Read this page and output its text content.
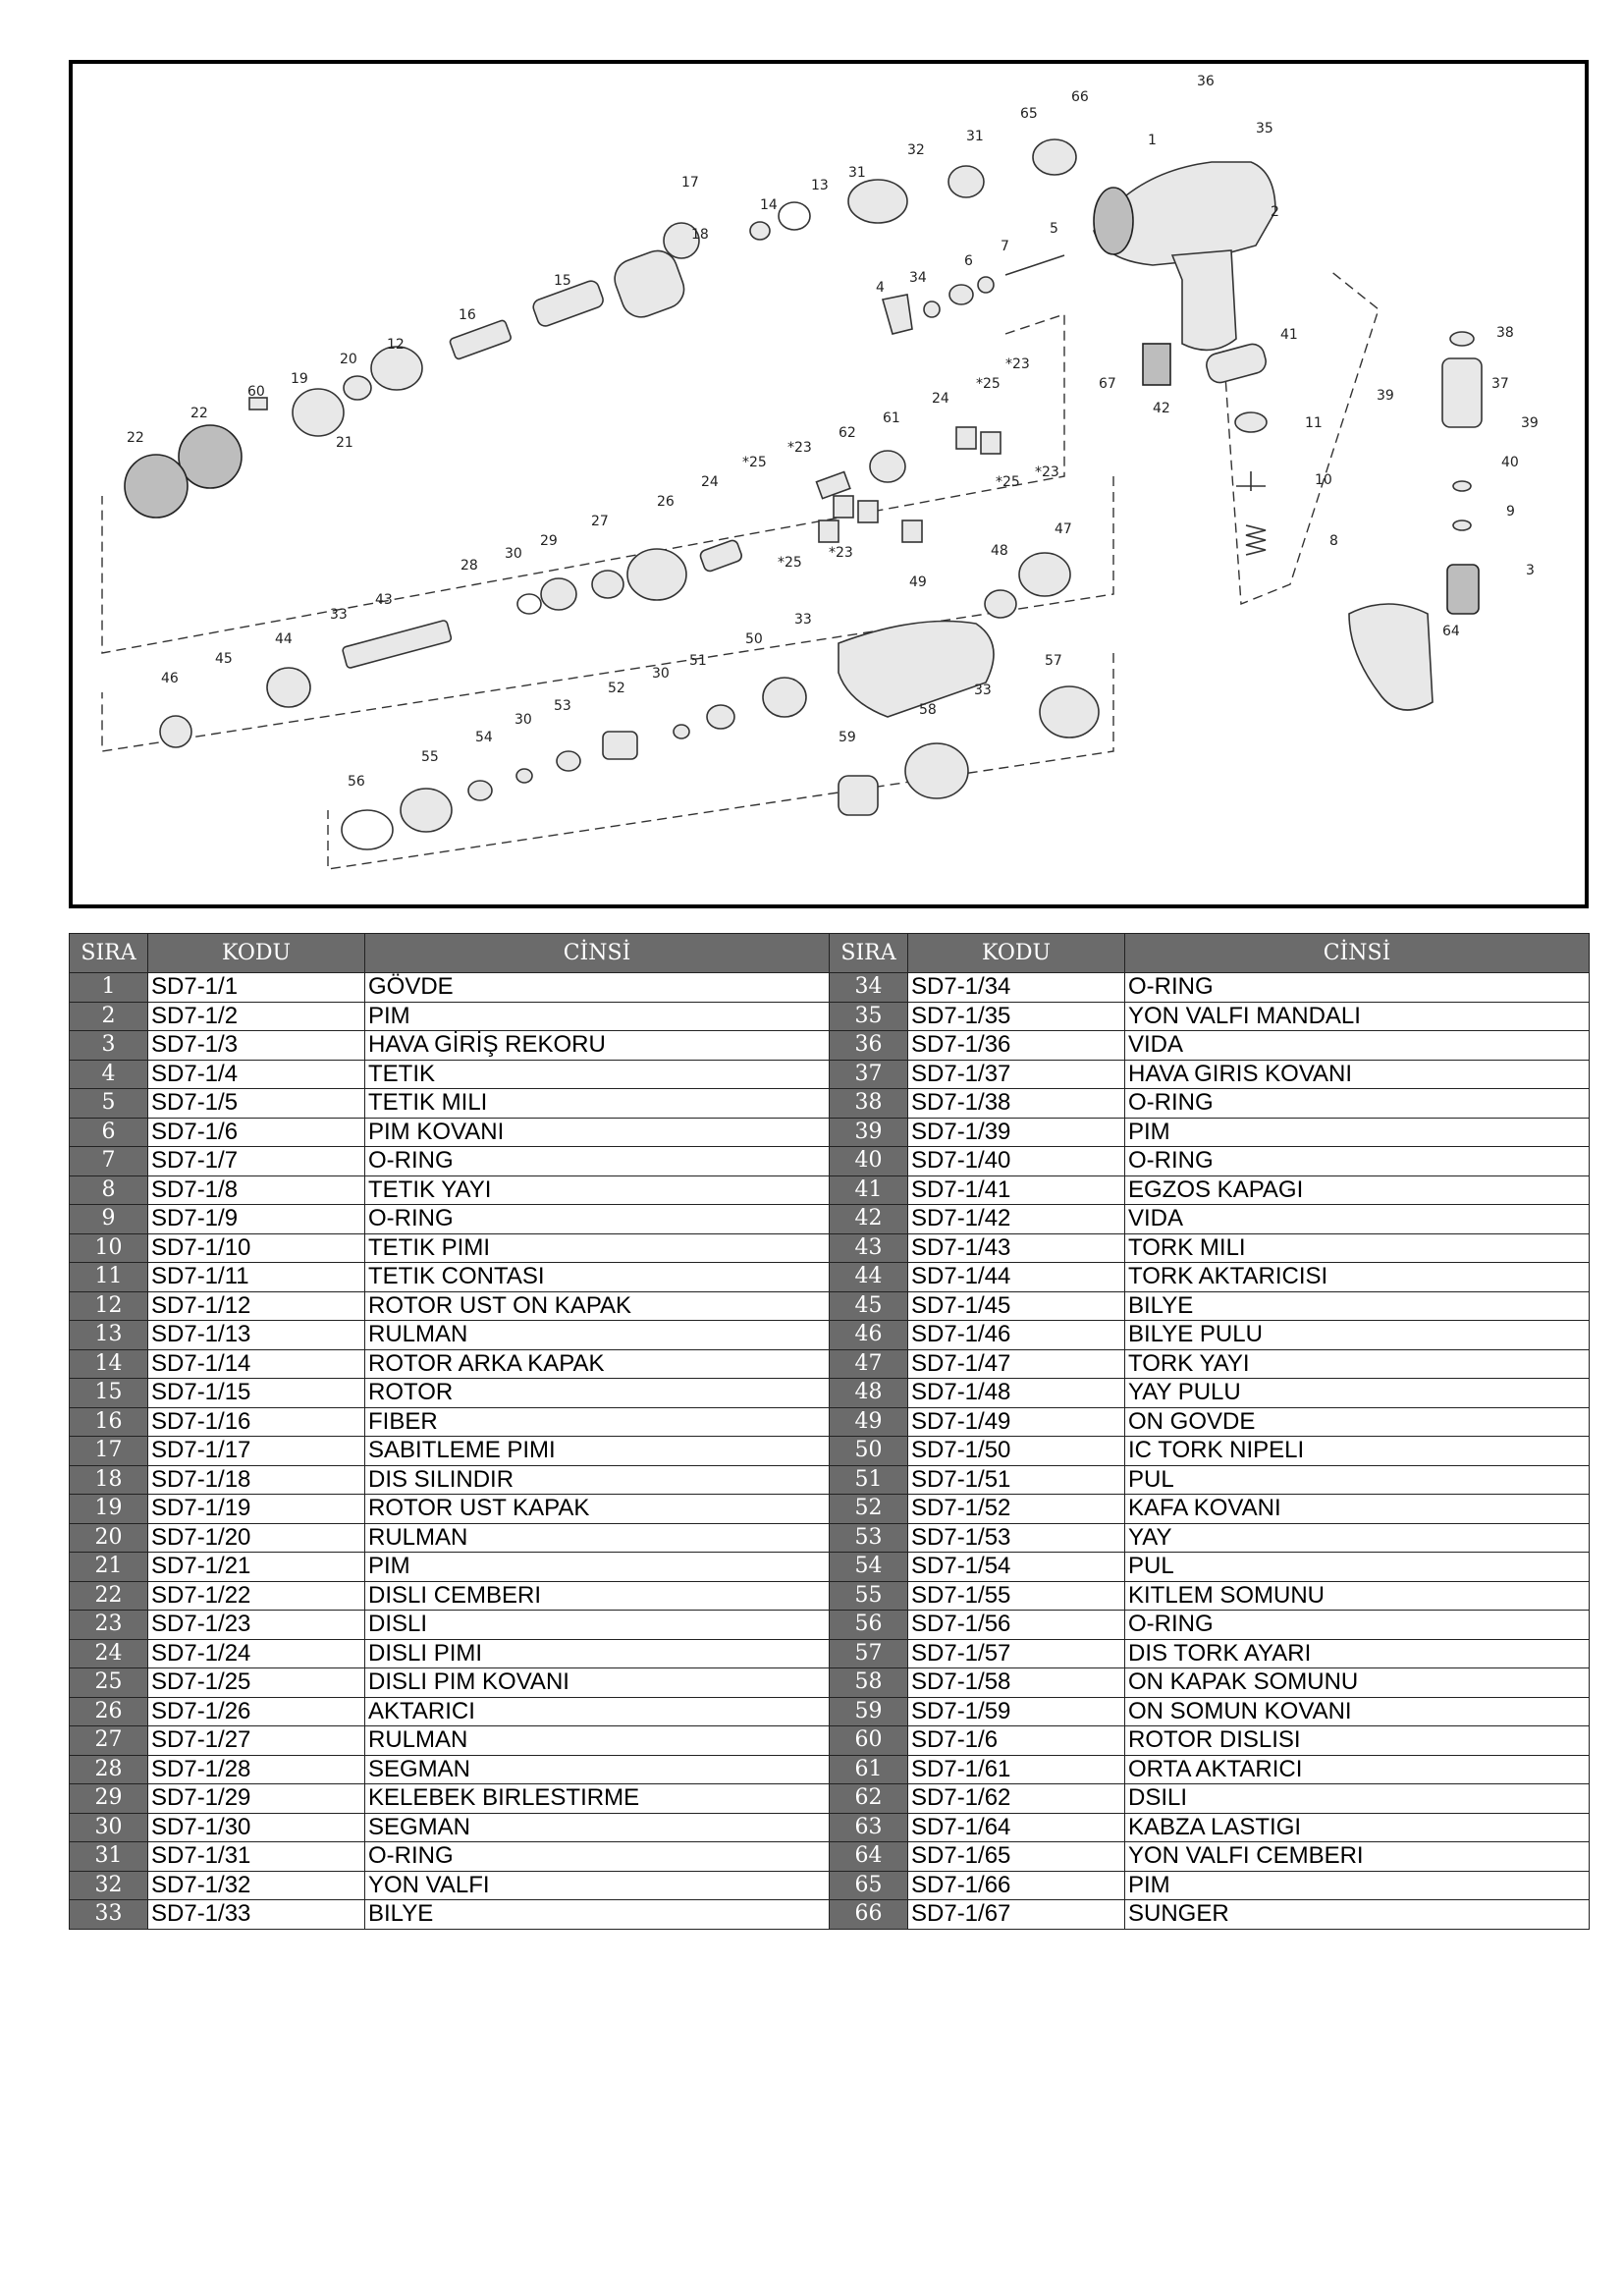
36
35
66
65
1
2
31
32
31
13
14
17
18
15
16
12
20
19
60
22
22	21
5
7
6
34
4
67
41
42
11
10
8
38
37
39
39
40
9
3
64
*25
*23
24
61
62
*23
*25
24	*25
*23
*23
*25
26
27
29
30
28
43
33
44
45
46
47
48
49
33
50
51
30
52
53
30
54
55
56
57
33
58
59
SIRA	KODU	CİNSİ	SIRA	KODU	CİNSİ
1	SD7-1/1	GÖVDE	34	SD7-1/34	O-RING
2	SD7-1/2	PIM	35	SD7-1/35	YON VALFI MANDALI
3	SD7-1/3	HAVA GİRİŞ REKORU	36	SD7-1/36	VIDA
4	SD7-1/4	TETIK	37	SD7-1/37	HAVA GIRIS KOVANI
5	SD7-1/5	TETIK MILI	38	SD7-1/38	O-RING
6	SD7-1/6	PIM KOVANI	39	SD7-1/39	PIM
7	SD7-1/7	O-RING	40	SD7-1/40	O-RING
8	SD7-1/8	TETIK YAYI	41	SD7-1/41	EGZOS KAPAGI
9	SD7-1/9	O-RING	42	SD7-1/42	VIDA
10	SD7-1/10	TETIK PIMI	43	SD7-1/43	TORK MILI
11	SD7-1/11	TETIK CONTASI	44	SD7-1/44	TORK AKTARICISI
12	SD7-1/12	ROTOR UST ON KAPAK	45	SD7-1/45	BILYE
13	SD7-1/13	RULMAN	46	SD7-1/46	BILYE PULU
14	SD7-1/14	ROTOR ARKA KAPAK	47	SD7-1/47	TORK YAYI
15	SD7-1/15	ROTOR	48	SD7-1/48	YAY PULU
16	SD7-1/16	FIBER	49	SD7-1/49	ON GOVDE
17	SD7-1/17	SABITLEME PIMI	50	SD7-1/50	IC TORK NIPELI
18	SD7-1/18	DIS SILINDIR	51	SD7-1/51	PUL
19	SD7-1/19	ROTOR UST KAPAK	52	SD7-1/52	KAFA KOVANI
20	SD7-1/20	RULMAN	53	SD7-1/53	YAY
21	SD7-1/21	PIM	54	SD7-1/54	PUL
22	SD7-1/22	DISLI CEMBERI	55	SD7-1/55	KITLEM SOMUNU
23	SD7-1/23	DISLI	56	SD7-1/56	O-RING
24	SD7-1/24	DISLI PIMI	57	SD7-1/57	DIS TORK AYARI
25	SD7-1/25	DISLI PIM KOVANI	58	SD7-1/58	ON KAPAK SOMUNU
26	SD7-1/26	AKTARICI	59	SD7-1/59	ON SOMUN KOVANI
27	SD7-1/27	RULMAN	60	SD7-1/6	ROTOR DISLISI
28	SD7-1/28	SEGMAN	61	SD7-1/61	ORTA AKTARICI
29	SD7-1/29	KELEBEK BIRLESTIRME	62	SD7-1/62	DSILI
30	SD7-1/30	SEGMAN	63	SD7-1/64	KABZA LASTIGI
31	SD7-1/31	O-RING	64	SD7-1/65	YON VALFI CEMBERI
32	SD7-1/32	YON VALFI	65	SD7-1/66	PIM
33	SD7-1/33	BILYE	66	SD7-1/67	SUNGER
